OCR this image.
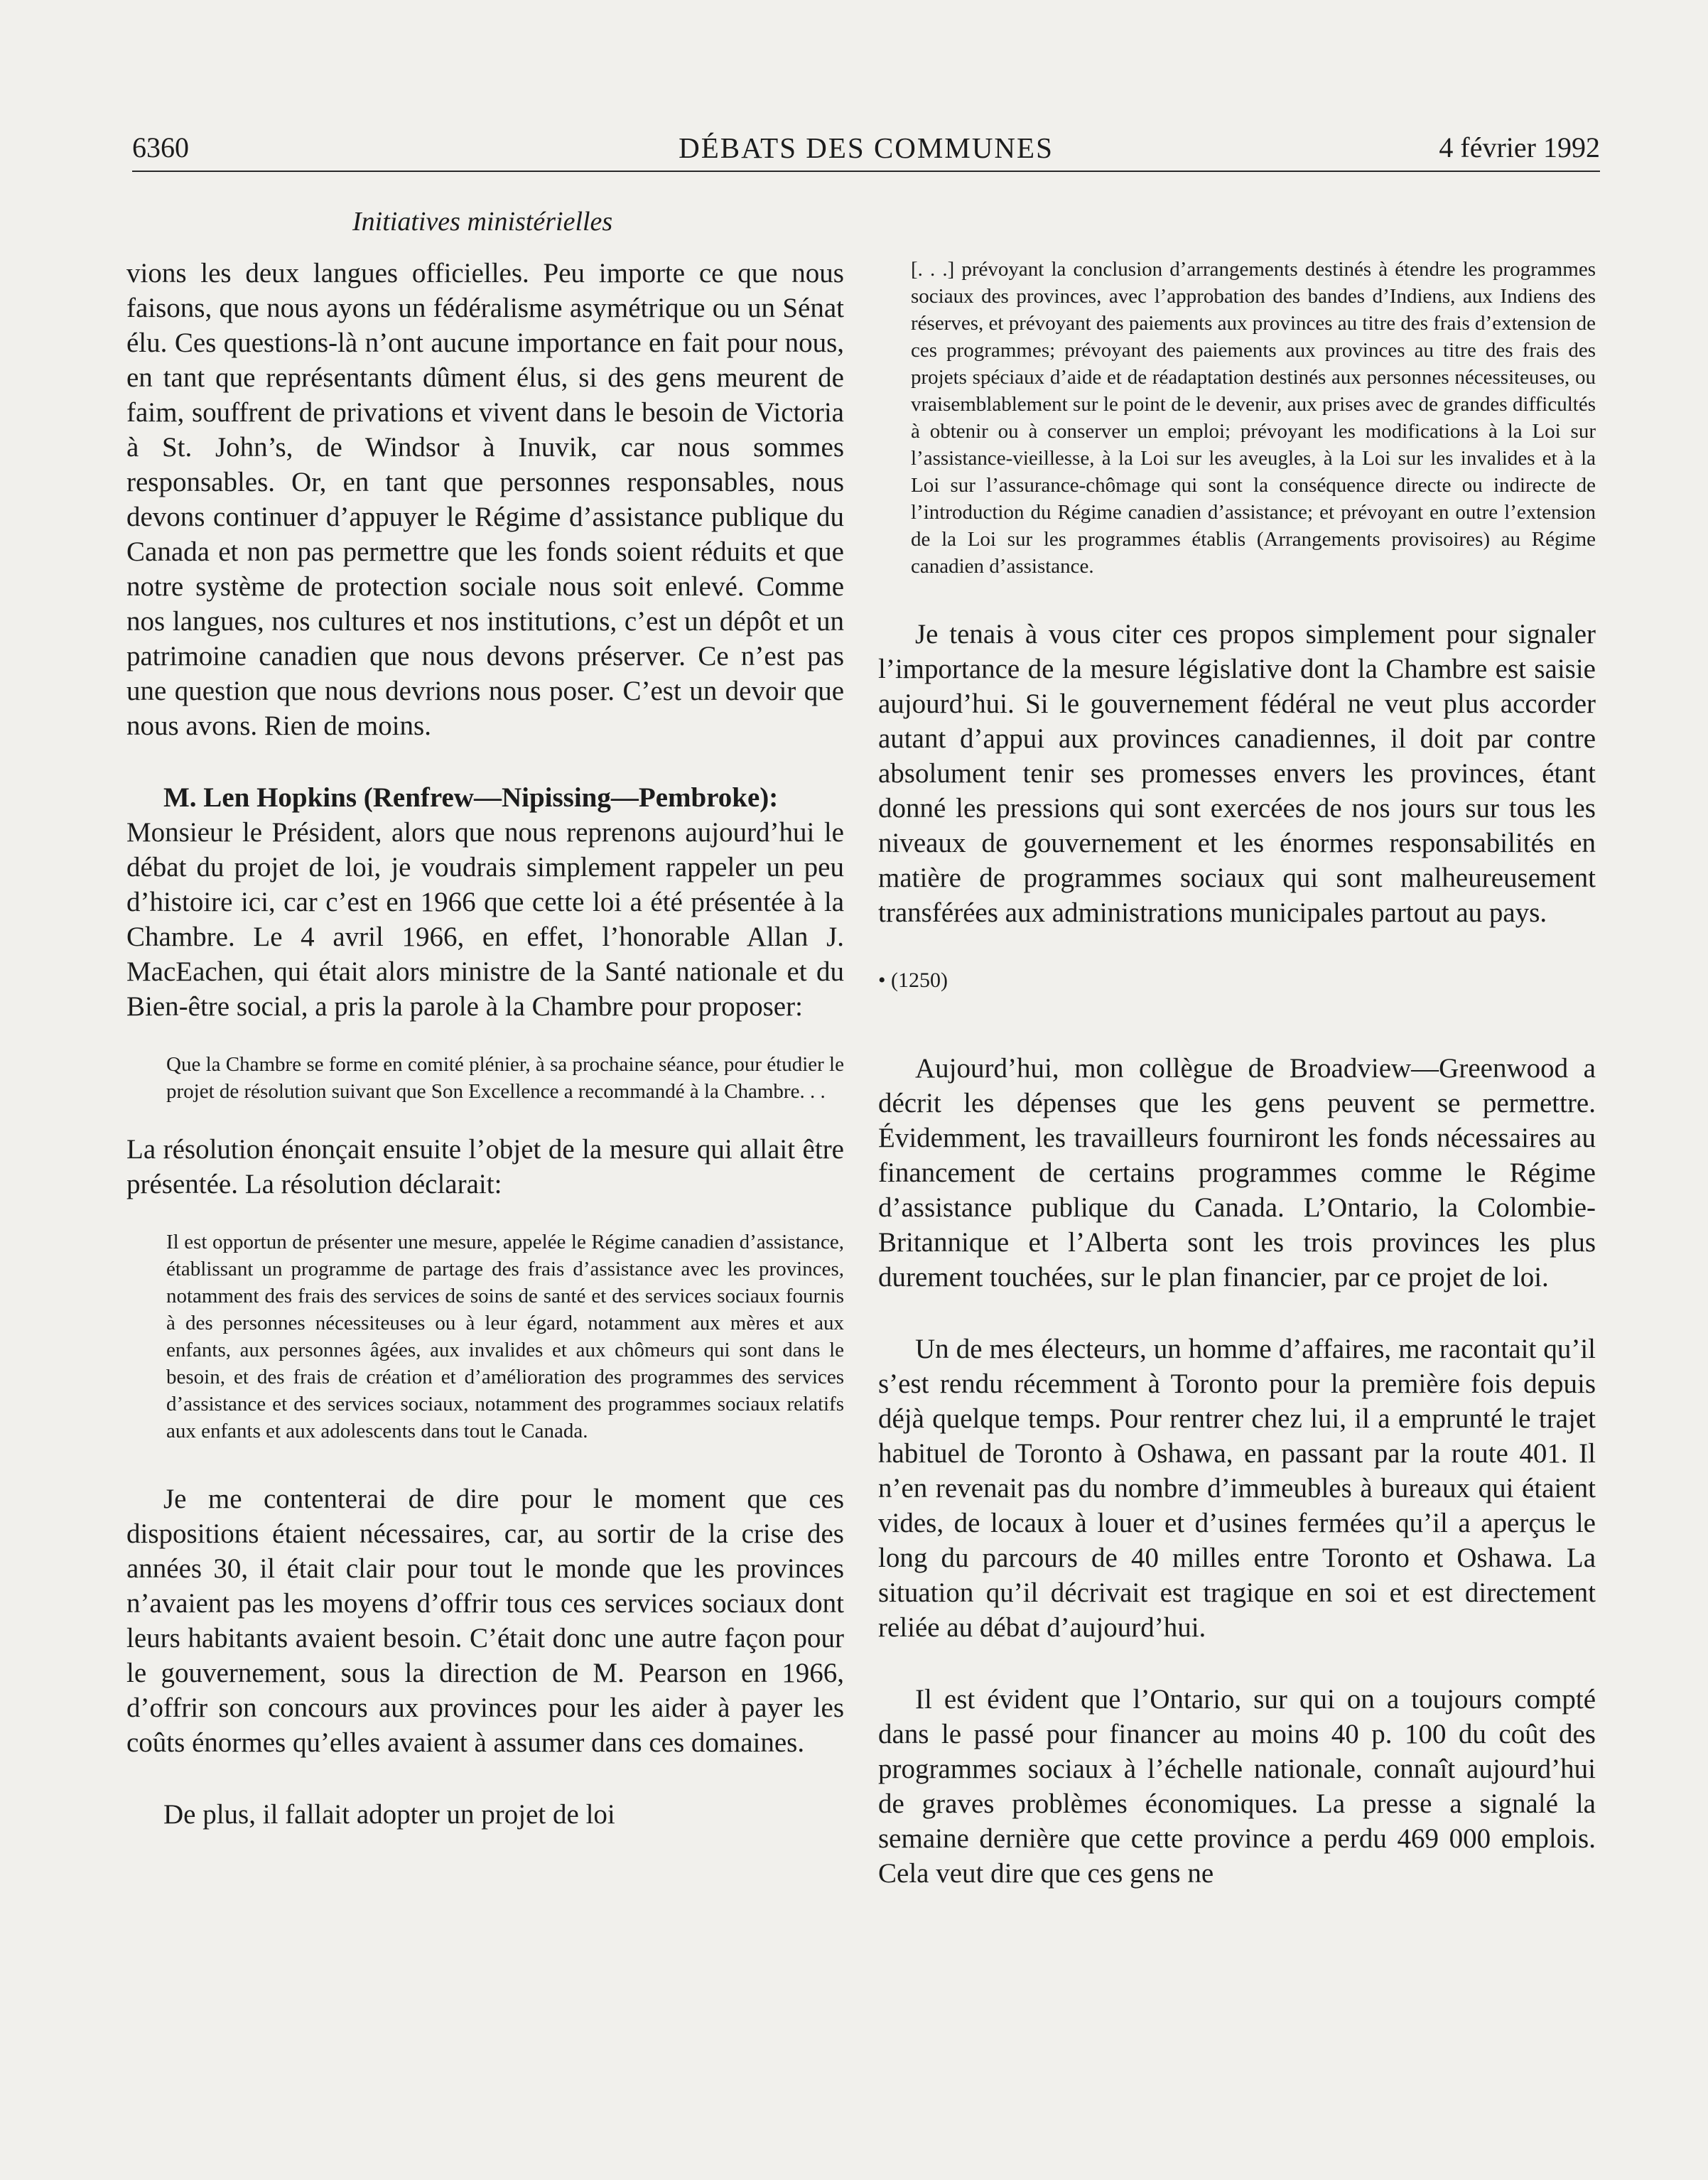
6360	DÉBATS DES COMMUNES	4 février 1992
Initiatives ministérielles

vions les deux langues officielles. Peu importe ce que nous faisons, que nous ayons un fédéralisme asymétrique ou un Sénat élu. Ces questions-là n’ont aucune importance en fait pour nous, en tant que représentants dûment élus, si des gens meurent de faim, souffrent de privations et vivent dans le besoin de Victoria à St. John’s, de Windsor à Inuvik, car nous sommes responsables. Or, en tant que personnes responsables, nous devons continuer d’appuyer le Régime d’assistance publique du Canada et non pas permettre que les fonds soient réduits et que notre système de protection sociale nous soit enlevé. Comme nos langues, nos cultures et nos institutions, c’est un dépôt et un patrimoine canadien que nous devons préserver. Ce n’est pas une question que nous devrions nous poser. C’est un devoir que nous avons. Rien de moins.

M. Len Hopkins (Renfrew—Nipissing—Pembroke):

Monsieur le Président, alors que nous reprenons aujourd’hui le débat du projet de loi, je voudrais simplement rappeler un peu d’histoire ici, car c’est en 1966 que cette loi a été présentée à la Chambre. Le 4 avril 1966, en effet, l’honorable Allan J. MacEachen, qui était alors ministre de la Santé nationale et du Bien-être social, a pris la parole à la Chambre pour proposer:

Que la Chambre se forme en comité plénier, à sa prochaine séance, pour étudier le projet de résolution suivant que Son Excellence a recommandé à la Chambre. . .

La résolution énonçait ensuite l’objet de la mesure qui allait être présentée. La résolution déclarait:

Il est opportun de présenter une mesure, appelée le Régime canadien d’assistance, établissant un programme de partage des frais d’assistance avec les provinces, notamment des frais des services de soins de santé et des services sociaux fournis à des personnes nécessiteuses ou à leur égard, notamment aux mères et aux enfants, aux personnes âgées, aux invalides et aux chômeurs qui sont dans le besoin, et des frais de création et d’amélioration des programmes des services d’assistance et des services sociaux, notamment des programmes sociaux relatifs aux enfants et aux adolescents dans tout le Canada.

Je me contenterai de dire pour le moment que ces dispositions étaient nécessaires, car, au sortir de la crise des années 30, il était clair pour tout le monde que les provinces n’avaient pas les moyens d’offrir tous ces services sociaux dont leurs habitants avaient besoin. C’était donc une autre façon pour le gouvernement, sous la direction de M. Pearson en 1966, d’offrir son concours aux provinces pour les aider à payer les coûts énormes qu’elles avaient à assumer dans ces domaines.

De plus, il fallait adopter un projet de loi

[. . .] prévoyant la conclusion d’arrangements destinés à étendre les programmes sociaux des provinces, avec l’approbation des bandes d’Indiens, aux Indiens des réserves, et prévoyant des paiements aux provinces au titre des frais d’extension de ces programmes; prévoyant des paiements aux provinces au titre des frais des projets spéciaux d’aide et de réadaptation destinés aux personnes nécessiteuses, ou vraisemblablement sur le point de le devenir, aux prises avec de grandes difficultés à obtenir ou à conserver un emploi; prévoyant les modifications à la Loi sur l’assistance-vieillesse, à la Loi sur les aveugles, à la Loi sur les invalides et à la Loi sur l’assurance-chômage qui sont la conséquence directe ou indirecte de l’introduction du Régime canadien d’assistance; et prévoyant en outre l’extension de la Loi sur les programmes établis (Arrangements provisoires) au Régime canadien d’assistance.

Je tenais à vous citer ces propos simplement pour signaler l’importance de la mesure législative dont la Chambre est saisie aujourd’hui. Si le gouvernement fédéral ne veut plus accorder autant d’appui aux provinces canadiennes, il doit par contre absolument tenir ses promesses envers les provinces, étant donné les pressions qui sont exercées de nos jours sur tous les niveaux de gouvernement et les énormes responsabilités en matière de programmes sociaux qui sont malheureusement transférées aux administrations municipales partout au pays.

• (1250)

Aujourd’hui, mon collègue de Broadview—Greenwood a décrit les dépenses que les gens peuvent se permettre. Évidemment, les travailleurs fourniront les fonds nécessaires au financement de certains programmes comme le Régime d’assistance publique du Canada. L’Ontario, la Colombie-Britannique et l’Alberta sont les trois provinces les plus durement touchées, sur le plan financier, par ce projet de loi.

Un de mes électeurs, un homme d’affaires, me racontait qu’il s’est rendu récemment à Toronto pour la première fois depuis déjà quelque temps. Pour rentrer chez lui, il a emprunté le trajet habituel de Toronto à Oshawa, en passant par la route 401. Il n’en revenait pas du nombre d’immeubles à bureaux qui étaient vides, de locaux à louer et d’usines fermées qu’il a aperçus le long du parcours de 40 milles entre Toronto et Oshawa. La situation qu’il décrivait est tragique en soi et est directement reliée au débat d’aujourd’hui.

Il est évident que l’Ontario, sur qui on a toujours compté dans le passé pour financer au moins 40 p. 100 du coût des programmes sociaux à l’échelle nationale, connaît aujourd’hui de graves problèmes économiques. La presse a signalé la semaine dernière que cette province a perdu 469 000 emplois. Cela veut dire que ces gens ne
